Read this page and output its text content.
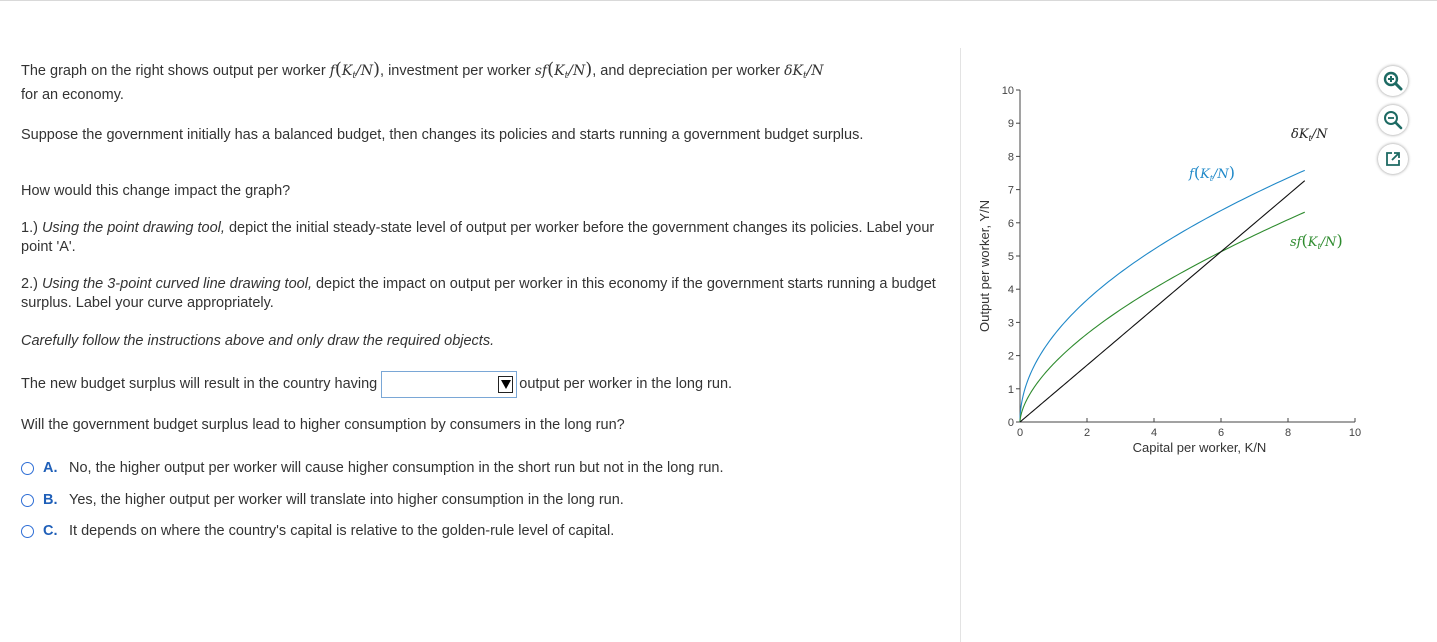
The graph on the right shows output per worker $f(K_t/N)$, investment per worker $sf(K_t/N)$, and depreciation per worker $\delta K_t/N$
for an economy.
Suppose the government initially has a balanced budget, then changes its policies and starts running a government budget surplus.
How would this change impact the graph?
1.) Using the point drawing tool, depict the initial steady-state level of output per worker before the government changes its policies. Label your point 'A'.
2.) Using the 3-point curved line drawing tool, depict the impact on output per worker in this economy if the government starts running a budget surplus. Label your curve appropriately.
Carefully follow the instructions above and only draw the required objects.
The new budget surplus will result in the country having	output per worker in the long run.
Will the government budget surplus lead to higher consumption by consumers in the long run?
A. No, the higher output per worker will cause higher consumption in the short run but not in the long run.
B. Yes, the higher output per worker will translate into higher consumption in the long run.
C. It depends on where the country's capital is relative to the golden-rule level of capital.
0
1
2
3
4
5
6
7
8
9
10
0	2	4	6	8	10
Capital per worker, K/N
Output per worker, Y/N
$f(K_t/N)$
$sf(K_t/N)$
$\delta K_t/N$
